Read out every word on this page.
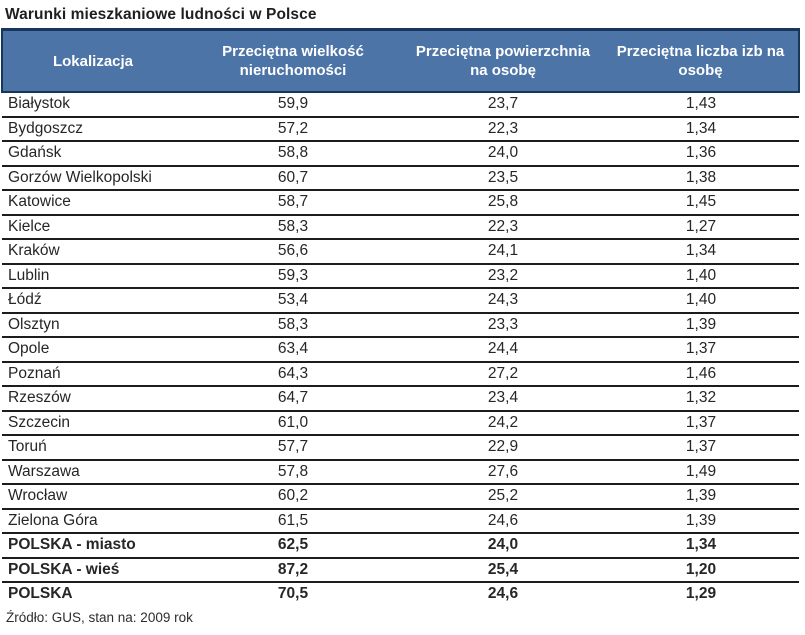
Warunki mieszkaniowe ludności w Polsce
Lokalizacja	Przeciętna wielkość nieruchomości	Przeciętna powierzchnia na osobę	Przeciętna liczba izb na osobę
Białystok	59,9	23,7	1,43
Bydgoszcz	57,2	22,3	1,34
Gdańsk	58,8	24,0	1,36
Gorzów Wielkopolski	60,7	23,5	1,38
Katowice	58,7	25,8	1,45
Kielce	58,3	22,3	1,27
Kraków	56,6	24,1	1,34
Lublin	59,3	23,2	1,40
Łódź	53,4	24,3	1,40
Olsztyn	58,3	23,3	1,39
Opole	63,4	24,4	1,37
Poznań	64,3	27,2	1,46
Rzeszów	64,7	23,4	1,32
Szczecin	61,0	24,2	1,37
Toruń	57,7	22,9	1,37
Warszawa	57,8	27,6	1,49
Wrocław	60,2	25,2	1,39
Zielona Góra	61,5	24,6	1,39
POLSKA - miasto	62,5	24,0	1,34
POLSKA - wieś	87,2	25,4	1,20
POLSKA	70,5	24,6	1,29
Źródło: GUS, stan na: 2009 rok
